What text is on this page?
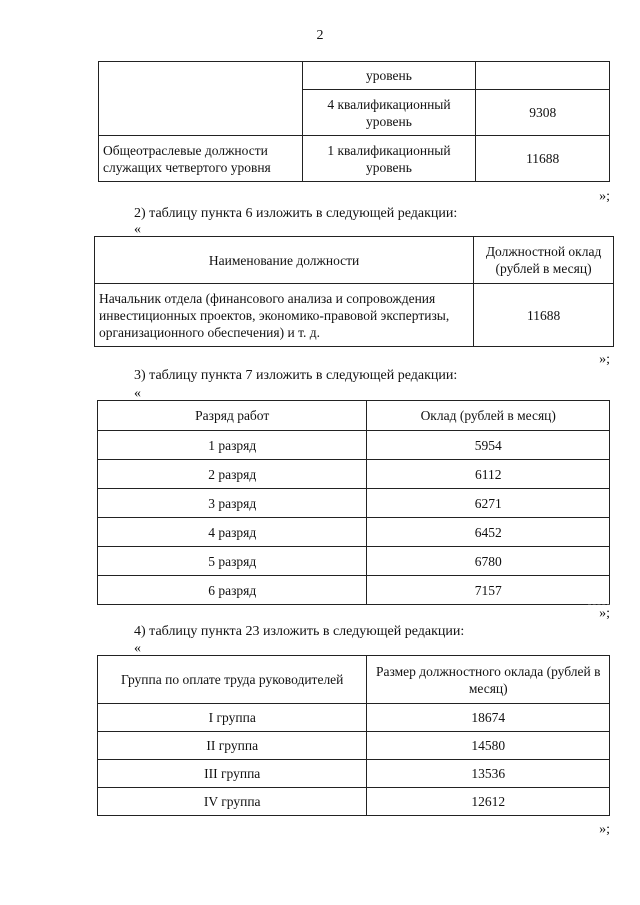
2
	уровень	
	4 квалификационный уровень	9308
Общеотраслевые должности служащих четвертого уровня	1 квалификационный уровень	11688
»;
2) таблицу пункта 6 изложить в следующей редакции:
«
Наименование должности	Должностной оклад (рублей в месяц)
Начальник отдела (финансового анализа и сопровождения инвестиционных проектов, экономико-правовой экспертизы, организационного обеспечения) и т. д.	11688
»;
3) таблицу пункта 7 изложить в следующей редакции:
«
Разряд работ	Оклад (рублей в месяц)
1 разряд	5954
2 разряд	6112
3 разряд	6271
4 разряд	6452
5 разряд	6780
6 разряд	7157
»;
4) таблицу пункта 23 изложить в следующей редакции:
«
Группа по оплате труда руководителей	Размер должностного оклада (рублей в месяц)
I группа	18674
II группа	14580
III группа	13536
IV группа	12612
»;
